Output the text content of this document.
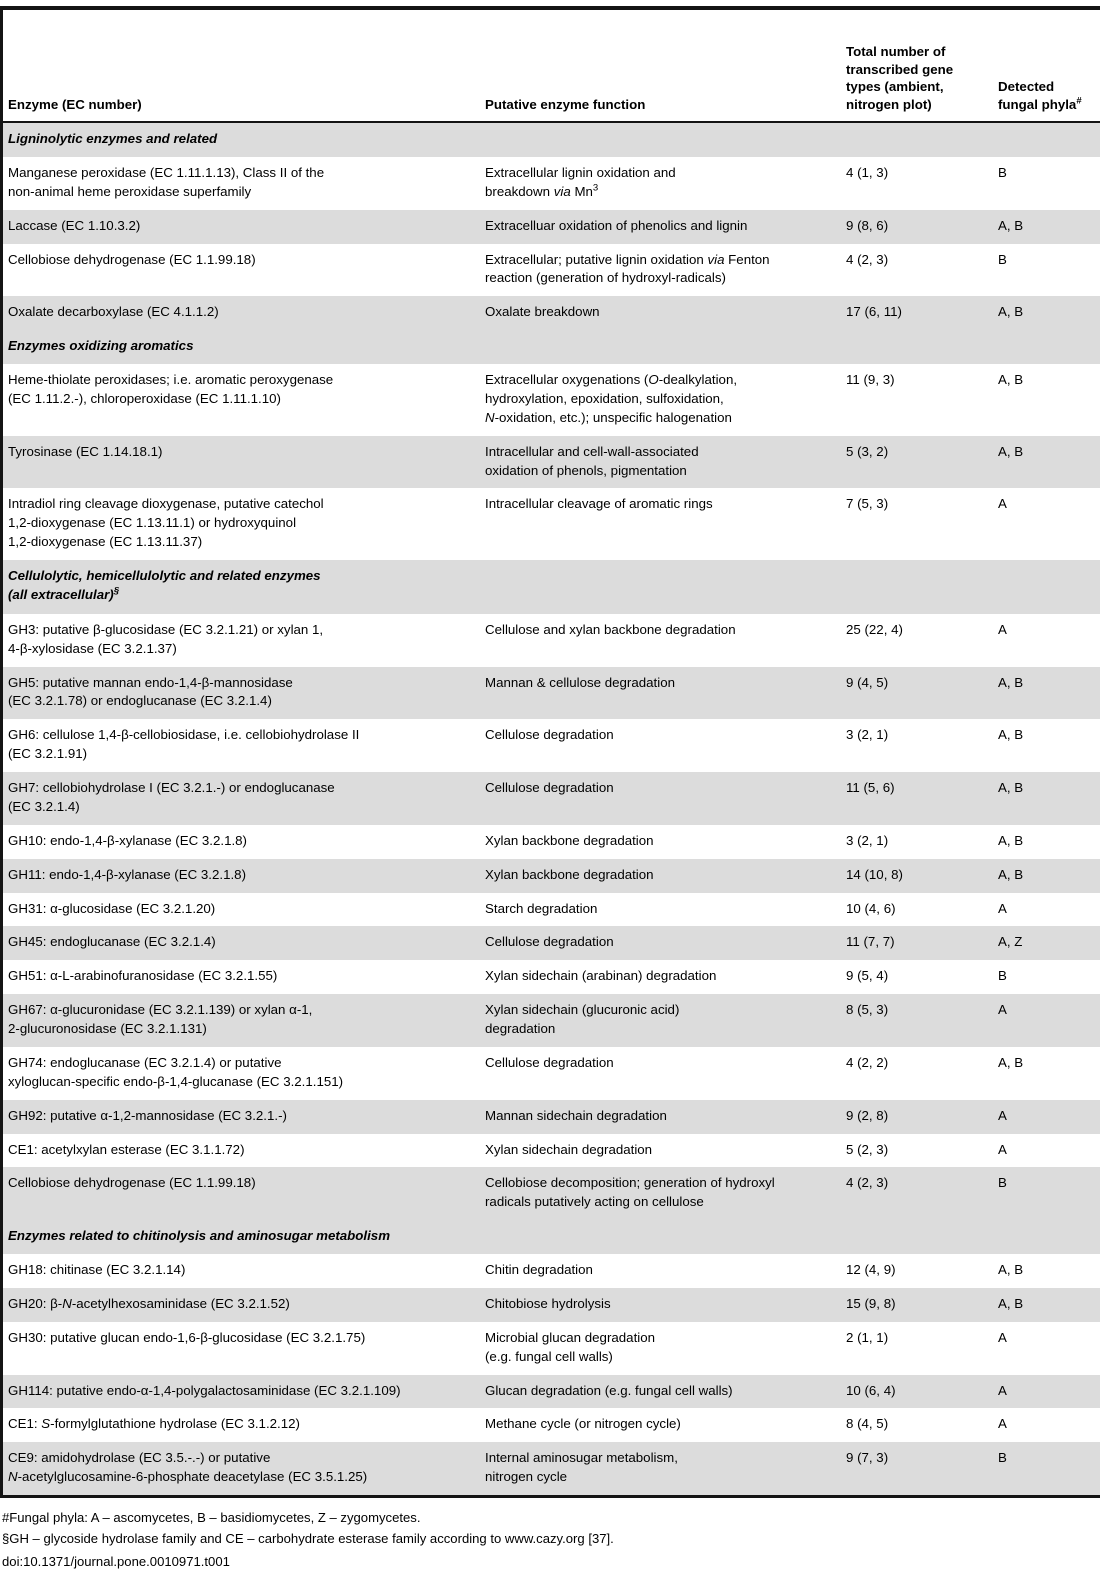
Enzyme (EC number)	Putative enzyme function	Total number of
transcribed gene
types (ambient,
nitrogen plot)	Detected
fungal phyla#
Ligninolytic enzymes and related			
Manganese peroxidase (EC 1.11.1.13), Class II of the
non-animal heme peroxidase superfamily	Extracellular lignin oxidation and
breakdown via Mn$^3$	4 (1, 3)	B
Laccase (EC 1.10.3.2)	Extracelluar oxidation of phenolics and lignin	9 (8, 6)	A, B
Cellobiose dehydrogenase (EC 1.1.99.18)	Extracellular; putative lignin oxidation via Fenton
reaction (generation of hydroxyl-radicals)	4 (2, 3)	B
Oxalate decarboxylase (EC 4.1.1.2)	Oxalate breakdown	17 (6, 11)	A, B
Enzymes oxidizing aromatics			
Heme-thiolate peroxidases; i.e. aromatic peroxygenase
(EC 1.11.2.-), chloroperoxidase (EC 1.11.1.10)	Extracellular oxygenations (O-dealkylation,
hydroxylation, epoxidation, sulfoxidation,
N-oxidation, etc.); unspecific halogenation	11 (9, 3)	A, B
Tyrosinase (EC 1.14.18.1)	Intracellular and cell-wall-associated
oxidation of phenols, pigmentation	5 (3, 2)	A, B
Intradiol ring cleavage dioxygenase, putative catechol
1,2-dioxygenase (EC 1.13.11.1) or hydroxyquinol
1,2-dioxygenase (EC 1.13.11.37)	Intracellular cleavage of aromatic rings	7 (5, 3)	A
Cellulolytic, hemicellulolytic and related enzymes
(all extracellular)§
GH3: putative β-glucosidase (EC 3.2.1.21) or xylan 1,
4-β-xylosidase (EC 3.2.1.37)	Cellulose and xylan backbone degradation	25 (22, 4)	A
GH5: putative mannan endo-1,4-β-mannosidase
(EC 3.2.1.78) or endoglucanase (EC 3.2.1.4)	Mannan & cellulose degradation	9 (4, 5)	A, B
GH6: cellulose 1,4-β-cellobiosidase, i.e. cellobiohydrolase II
(EC 3.2.1.91)	Cellulose degradation	3 (2, 1)	A, B
GH7: cellobiohydrolase I (EC 3.2.1.-) or endoglucanase
(EC 3.2.1.4)	Cellulose degradation	11 (5, 6)	A, B
GH10: endo-1,4-β-xylanase (EC 3.2.1.8)	Xylan backbone degradation	3 (2, 1)	A, B
GH11: endo-1,4-β-xylanase (EC 3.2.1.8)	Xylan backbone degradation	14 (10, 8)	A, B
GH31: α-glucosidase (EC 3.2.1.20)	Starch degradation	10 (4, 6)	A
GH45: endoglucanase (EC 3.2.1.4)	Cellulose degradation	11 (7, 7)	A, Z
GH51: α-L-arabinofuranosidase (EC 3.2.1.55)	Xylan sidechain (arabinan) degradation	9 (5, 4)	B
GH67: α-glucuronidase (EC 3.2.1.139) or xylan α-1,
2-glucuronosidase (EC 3.2.1.131)	Xylan sidechain (glucuronic acid)
degradation	8 (5, 3)	A
GH74: endoglucanase (EC 3.2.1.4) or putative
xyloglucan-specific endo-β-1,4-glucanase (EC 3.2.1.151)	Cellulose degradation	4 (2, 2)	A, B
GH92: putative α-1,2-mannosidase (EC 3.2.1.-)	Mannan sidechain degradation	9 (2, 8)	A
CE1: acetylxylan esterase (EC 3.1.1.72)	Xylan sidechain degradation	5 (2, 3)	A
Cellobiose dehydrogenase (EC 1.1.99.18)	Cellobiose decomposition; generation of hydroxyl
radicals putatively acting on cellulose	4 (2, 3)	B
Enzymes related to chitinolysis and aminosugar metabolism			
GH18: chitinase (EC 3.2.1.14)	Chitin degradation	12 (4, 9)	A, B
GH20: β-N-acetylhexosaminidase (EC 3.2.1.52)	Chitobiose hydrolysis	15 (9, 8)	A, B
GH30: putative glucan endo-1,6-β-glucosidase (EC 3.2.1.75)	Microbial glucan degradation
(e.g. fungal cell walls)	2 (1, 1)	A
GH114: putative endo-α-1,4-polygalactosaminidase (EC 3.2.1.109)	Glucan degradation (e.g. fungal cell walls)	10 (6, 4)	A
CE1: S-formylglutathione hydrolase (EC 3.1.2.12)	Methane cycle (or nitrogen cycle)	8 (4, 5)	A
CE9: amidohydrolase (EC 3.5.-.-) or putative
N-acetylglucosamine-6-phosphate deacetylase (EC 3.5.1.25)	Internal aminosugar metabolism,
nitrogen cycle	9 (7, 3)	B
#Fungal phyla: A – ascomycetes, B – basidiomycetes, Z – zygomycetes.
§GH – glycoside hydrolase family and CE – carbohydrate esterase family according to www.cazy.org [37].
doi:10.1371/journal.pone.0010971.t001
